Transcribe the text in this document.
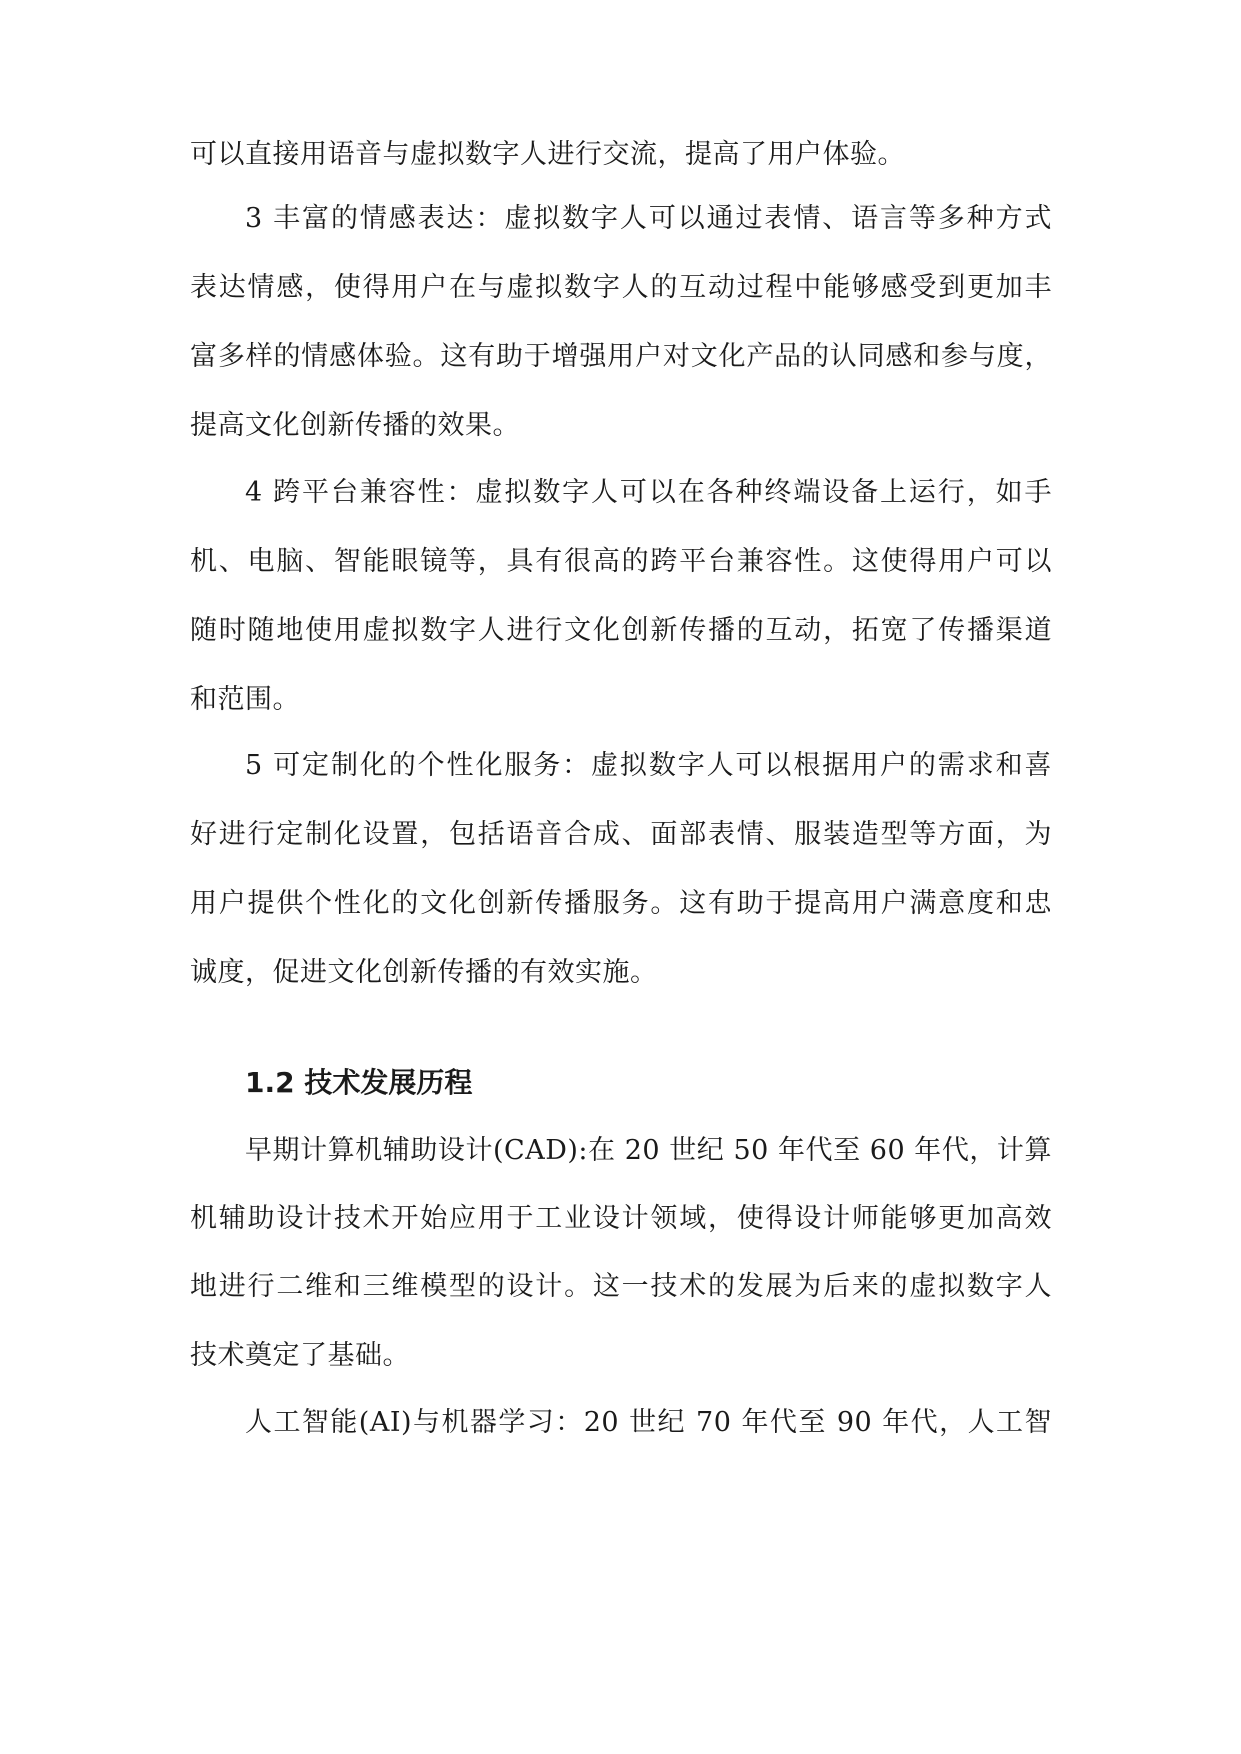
可以直接用语音与虚拟数字人进行交流，提高了用户体验。
3 丰富的情感表达：虚拟数字人可以通过表情、语言等多种方式
表达情感，使得用户在与虚拟数字人的互动过程中能够感受到更加丰
富多样的情感体验。这有助于增强用户对文化产品的认同感和参与度，
提高文化创新传播的效果。
4 跨平台兼容性：虚拟数字人可以在各种终端设备上运行，如手
机、电脑、智能眼镜等，具有很高的跨平台兼容性。这使得用户可以
随时随地使用虚拟数字人进行文化创新传播的互动，拓宽了传播渠道
和范围。
5 可定制化的个性化服务：虚拟数字人可以根据用户的需求和喜
好进行定制化设置，包括语音合成、面部表情、服装造型等方面，为
用户提供个性化的文化创新传播服务。这有助于提高用户满意度和忠
诚度，促进文化创新传播的有效实施。
1.2 技术发展历程
早期计算机辅助设计(CAD):在 20 世纪 50 年代至 60 年代，计算
机辅助设计技术开始应用于工业设计领域，使得设计师能够更加高效
地进行二维和三维模型的设计。这一技术的发展为后来的虚拟数字人
技术奠定了基础。
人工智能(AI)与机器学习：20 世纪 70 年代至 90 年代，人工智
